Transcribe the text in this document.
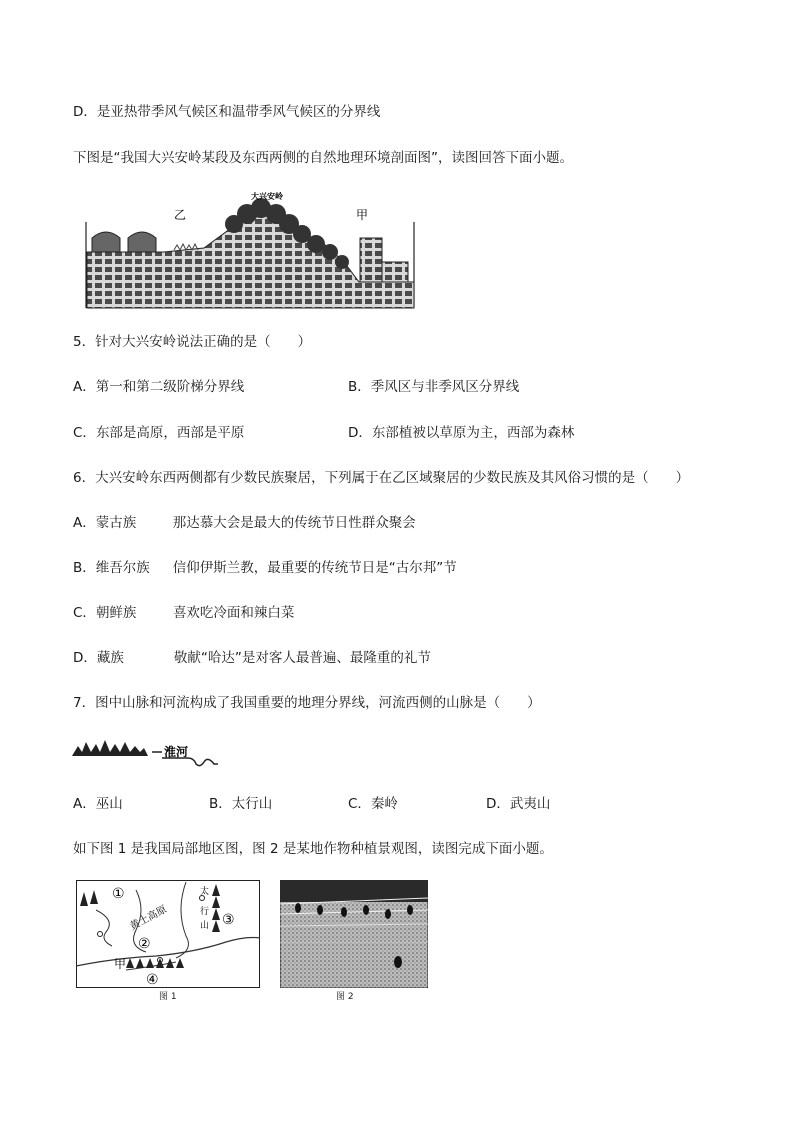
D．是亚热带季风气候区和温带季风气候区的分界线
下图是“我国大兴安岭某段及东西两侧的自然地理环境剖面图”，读图回答下面小题。
大兴安岭
乙	甲
5．针对大兴安岭说法正确的是（　　）
A．第一和第二级阶梯分界线	B．季风区与非季风区分界线
C．东部是高原，西部是平原	D．东部植被以草原为主，西部为森林
6．大兴安岭东西两侧都有少数民族聚居，下列属于在乙区域聚居的少数民族及其风俗习惯的是（　　）
A．蒙古族	那达慕大会是最大的传统节日性群众聚会
B．维吾尔族 信仰伊斯兰教，最重要的传统节日是“古尔邦”节
C．朝鲜族	喜欢吃冷面和辣白菜
D．藏族	敬献“哈达”是对客人最普遍、最隆重的礼节
7．图中山脉和河流构成了我国重要的地理分界线，河流西侧的山脉是（　　）
淮河
A．巫山	B．太行山	C．秦岭	D．武夷山
如下图 1 是我国局部地区图，图 2 是某地作物种植景观图，读图完成下面小题。
①
②
③
④
黄土高原
甲
太
行
山
图 1	图 2
